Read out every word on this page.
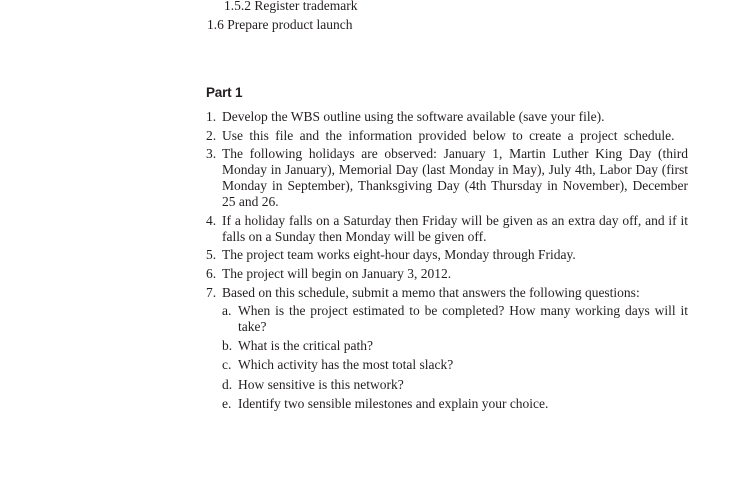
1.5.2 Register trademark
1.6 Prepare product launch
Part 1
1. Develop the WBS outline using the software available (save your file).
2. Use this file and the information provided below to create a project schedule.
3. The following holidays are observed: January 1, Martin Luther King Day (third Monday in January), Memorial Day (last Monday in May), July 4th, Labor Day (first Monday in September), Thanksgiving Day (4th Thursday in November), December 25 and 26.
4. If a holiday falls on a Saturday then Friday will be given as an extra day off, and if it falls on a Sunday then Monday will be given off.
5. The project team works eight-hour days, Monday through Friday.
6. The project will begin on January 3, 2012.
7. Based on this schedule, submit a memo that answers the following questions:
a. When is the project estimated to be completed? How many working days will it take?
b. What is the critical path?
c. Which activity has the most total slack?
d. How sensitive is this network?
e. Identify two sensible milestones and explain your choice.
